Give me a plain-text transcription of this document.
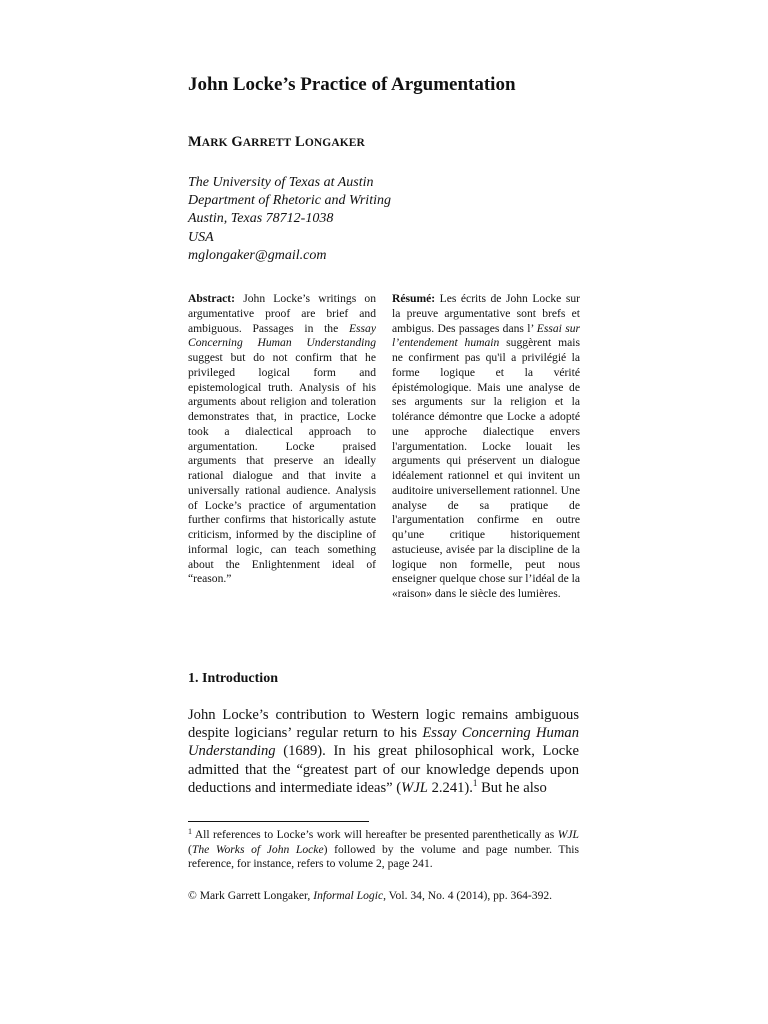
John Locke’s Practice of Argumentation
MARK GARRETT LONGAKER
The University of Texas at Austin
Department of Rhetoric and Writing
Austin, Texas 78712-1038
USA
mglongaker@gmail.com
Abstract: John Locke’s writings on argumentative proof are brief and ambiguous. Passages in the Essay Concerning Human Understanding suggest but do not confirm that he privileged logical form and epistemological truth. Analysis of his arguments about religion and toleration demonstrates that, in practice, Locke took a dialectical approach to argumentation. Locke praised arguments that preserve an ideally rational dialogue and that invite a universally rational audience. Analysis of Locke’s practice of argumentation further confirms that historically astute criticism, informed by the discipline of informal logic, can teach something about the Enlightenment ideal of “reason.”
Résumé: Les écrits de John Locke sur la preuve argumentative sont brefs et ambigus. Des passages dans l’ Essai sur l’entendement humain suggèrent mais ne confirment pas qu'il a privilégié la forme logique et la vérité épistémologique. Mais une analyse de ses arguments sur la religion et la tolérance démontre que Locke a adopté une approche dialectique envers l'argumentation. Locke louait les arguments qui préservent un dialogue idéalement rationnel et qui invitent un auditoire universellement rationnel. Une analyse de sa pratique de l'argumentation confirme en outre qu’une critique historiquement astucieuse, avisée par la discipline de la logique non formelle, peut nous enseigner quelque chose sur l’idéal de la «raison» dans le siècle des lumières.
1. Introduction
John Locke’s contribution to Western logic remains ambiguous despite logicians’ regular return to his Essay Concerning Human Understanding (1689). In his great philosophical work, Locke admitted that the “greatest part of our knowledge depends upon deductions and intermediate ideas” (WJL 2.241).$^1$ But he also
$^1$ All references to Locke’s work will hereafter be presented parenthetically as WJL (The Works of John Locke) followed by the volume and page number. This reference, for instance, refers to volume 2, page 241.
© Mark Garrett Longaker, Informal Logic, Vol. 34, No. 4 (2014), pp. 364-392.
